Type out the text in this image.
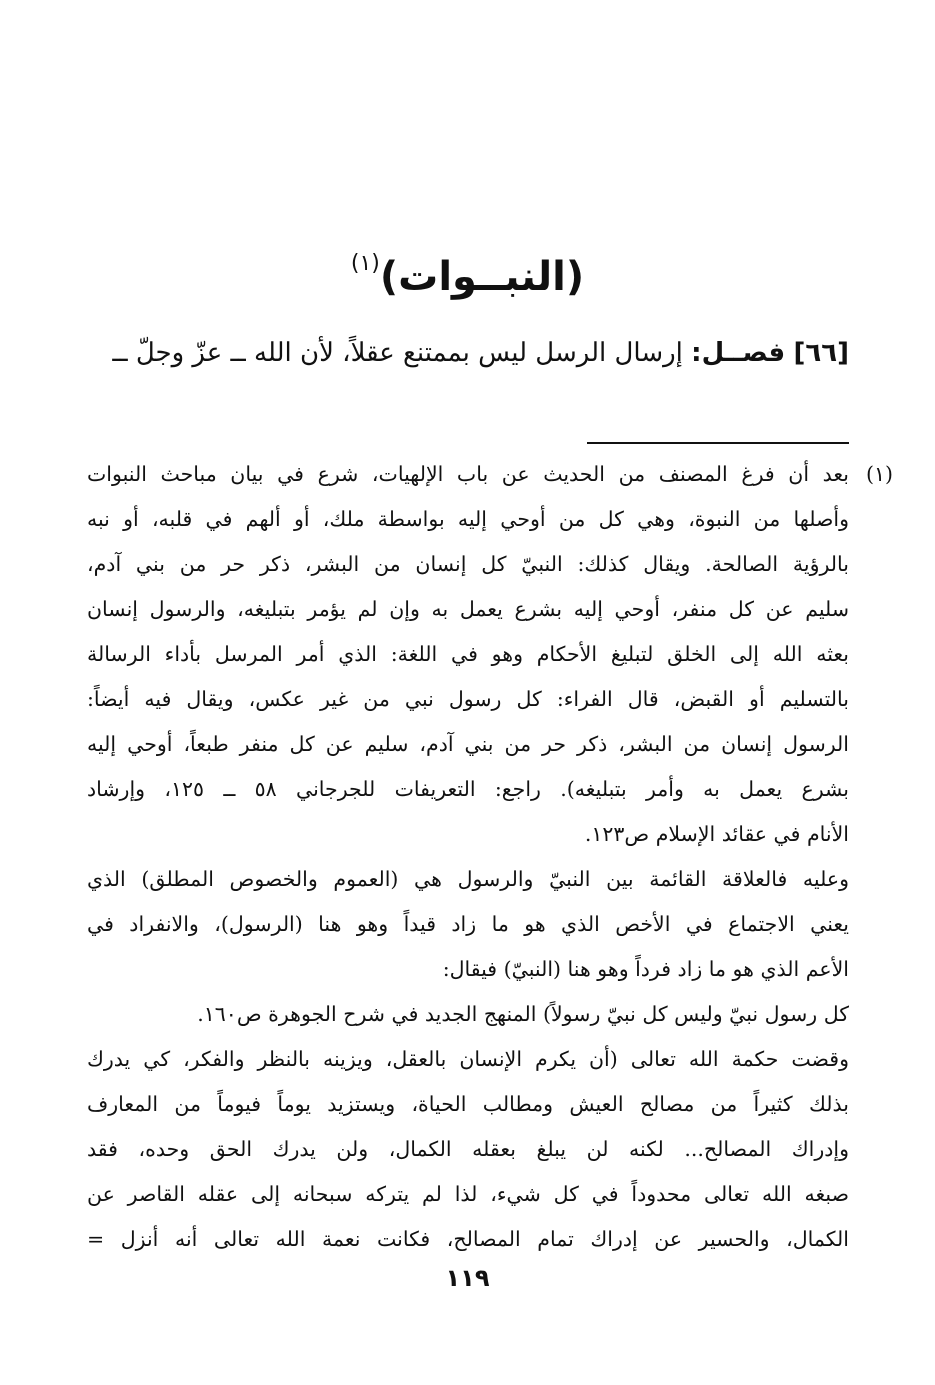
(النبــوات)$^{(١)}$
[٦٦] فصــل: إرسال الرسل ليس بممتنع عقلاً، لأن الله ــ عزّ وجلّ ــ
(١)
بعد أن فرغ المصنف من الحديث عن باب الإلهيات، شرع في بيان مباحث النبوات
وأصلها من النبوة، وهي كل من أوحي إليه بواسطة ملك، أو ألهم في قلبه، أو نبه
بالرؤية الصالحة. ويقال كذلك: النبيّ كل إنسان من البشر، ذكر حر من بني آدم،
سليم عن كل منفر، أوحي إليه بشرع يعمل به وإن لم يؤمر بتبليغه، والرسول إنسان
بعثه الله إلى الخلق لتبليغ الأحكام وهو في اللغة: الذي أمر المرسل بأداء الرسالة
بالتسليم أو القبض، قال الفراء: كل رسول نبي من غير عكس، ويقال فيه أيضاً:
الرسول إنسان من البشر، ذكر حر من بني آدم، سليم عن كل منفر طبعاً، أوحي إليه
بشرع يعمل به وأمر بتبليغه). راجع: التعريفات للجرجاني ٥٨ ــ ١٢٥، وإرشاد
الأنام في عقائد الإسلام ص١٢٣.
وعليه فالعلاقة القائمة بين النبيّ والرسول هي (العموم والخصوص المطلق) الذي
يعني الاجتماع في الأخص الذي هو ما زاد قيداً وهو هنا (الرسول)، والانفراد في
الأعم الذي هو ما زاد فرداً وهو هنا (النبيّ) فيقال:
كل رسول نبيّ وليس كل نبيّ رسولاً) المنهج الجديد في شرح الجوهرة ص١٦٠.
وقضت حكمة الله تعالى (أن يكرم الإنسان بالعقل، ويزينه بالنظر والفكر، كي يدرك
بذلك كثيراً من مصالح العيش ومطالب الحياة، ويستزيد يوماً فيوماً من المعارف
وإدراك المصالح... لكنه لن يبلغ بعقله الكمال، ولن يدرك الحق وحده، فقد
صبغه الله تعالى محدوداً في كل شيء، لذا لم يتركه سبحانه إلى عقله القاصر عن
الكمال، والحسير عن إدراك تمام المصالح، فكانت نعمة الله تعالى أنه أنزل =
١١٩
